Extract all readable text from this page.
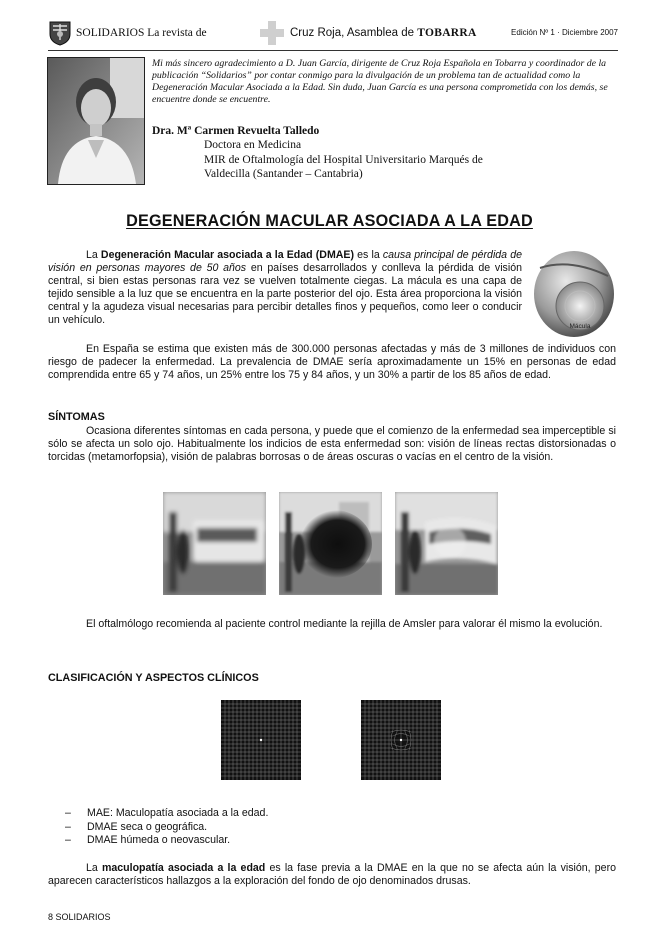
SOLIDARIOS La revista de	Cruz Roja, Asamblea de TOBARRA	Edición Nº 1 · Diciembre 2007

Mi más sincero agradecimiento a D. Juan García, dirigente de Cruz Roja Española en Tobarra y coordinador de la publicación “Solidarios” por contar conmigo para la divulgación de un problema tan de actualidad como la Degeneración Macular Asociada a la Edad. Sin duda, Juan García es una persona comprometida con los demás, se encuentre donde se encuentre.

Dra. Mª Carmen Revuelta Talledo
Doctora en Medicina
MIR de Oftalmología del Hospital Universitario Marqués de
Valdecilla (Santander – Cantabria)
DEGENERACIÓN MACULAR ASOCIADA A LA EDAD

La Degeneración Macular asociada a la Edad (DMAE) es la causa principal de pérdida de visión en personas mayores de 50 años en países desarrollados y conlleva la pérdida de visión central, si bien estas personas rara vez se vuelven totalmente ciegas. La mácula es una capa de tejido sensible a la luz que se encuentra en la parte posterior del ojo. Esta área proporciona la visión central y la agudeza visual necesarias para percibir detalles finos y pequeños, como leer o conducir un vehículo.

Mácula

En España se estima que existen más de 300.000 personas afectadas y más de 3 millones de individuos con riesgo de padecer la enfermedad. La prevalencia de DMAE sería aproximadamente un 15% en personas de edad comprendida entre 65 y 74 años, un 25% entre los 75 y 84 años, y un 30% a partir de los 85 años de edad.

SÍNTOMAS

Ocasiona diferentes síntomas en cada persona, y puede que el comienzo de la enfermedad sea imperceptible si sólo se afecta un solo ojo. Habitualmente los indicios de esta enfermedad son: visión de líneas rectas distorsionadas o torcidas (metamorfopsia), visión de palabras borrosas o de áreas oscuras o vacías en el centro de la visión.

El oftalmólogo recomienda al paciente control mediante la rejilla de Amsler para valorar él mismo la evolución.

CLASIFICACIÓN Y ASPECTOS CLÍNICOS
– MAE: Maculopatía asociada a la edad.
– DMAE seca o geográfica.
– DMAE húmeda o neovascular.

La maculopatía asociada a la edad es la fase previa a la DMAE en la que no se afecta aún la visión, pero aparecen característicos hallazgos a la exploración del fondo de ojo denominados drusas.

8 SOLIDARIOS
